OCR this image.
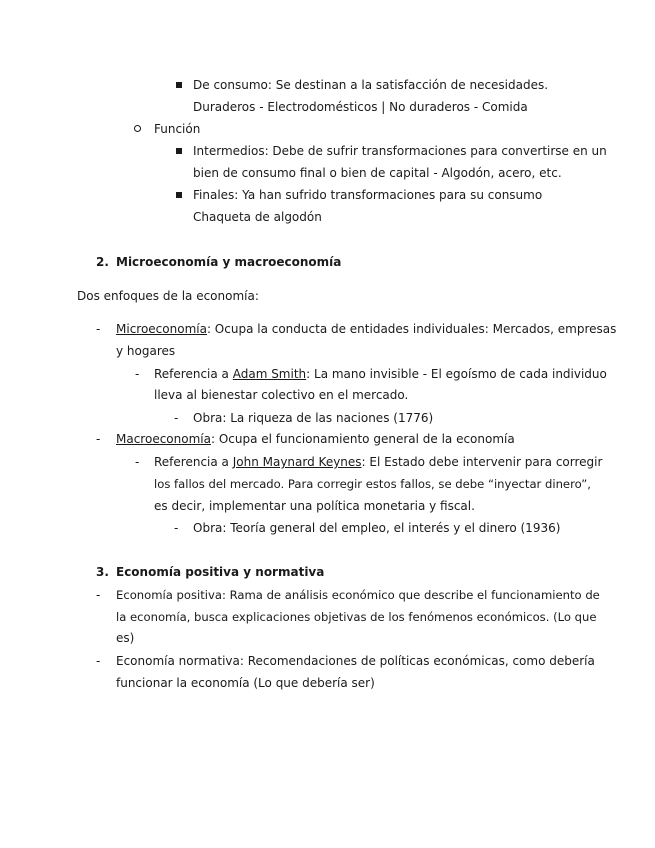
De consumo: Se destinan a la satisfacción de necesidades.
Duraderos - Electrodomésticos | No duraderos - Comida
Función
Intermedios: Debe de sufrir transformaciones para convertirse en un
bien de consumo final o bien de capital - Algodón, acero, etc.
Finales: Ya han sufrido transformaciones para su consumo
Chaqueta de algodón
2. Microeconomía y macroeconomía
Dos enfoques de la economía:
- Microeconomía: Ocupa la conducta de entidades individuales: Mercados, empresas
y hogares
- Referencia a Adam Smith: La mano invisible - El egoísmo de cada individuo
lleva al bienestar colectivo en el mercado.
- Obra: La riqueza de las naciones (1776)
- Macroeconomía: Ocupa el funcionamiento general de la economía
- Referencia a John Maynard Keynes: El Estado debe intervenir para corregir
los fallos del mercado. Para corregir estos fallos, se debe “inyectar dinero”,
es decir, implementar una política monetaria y fiscal.
- Obra: Teoría general del empleo, el interés y el dinero (1936)
3. Economía positiva y normativa
- Economía positiva: Rama de análisis económico que describe el funcionamiento de
la economía, busca explicaciones objetivas de los fenómenos económicos. (Lo que
es)
- Economía normativa: Recomendaciones de políticas económicas, como debería
funcionar la economía (Lo que debería ser)
